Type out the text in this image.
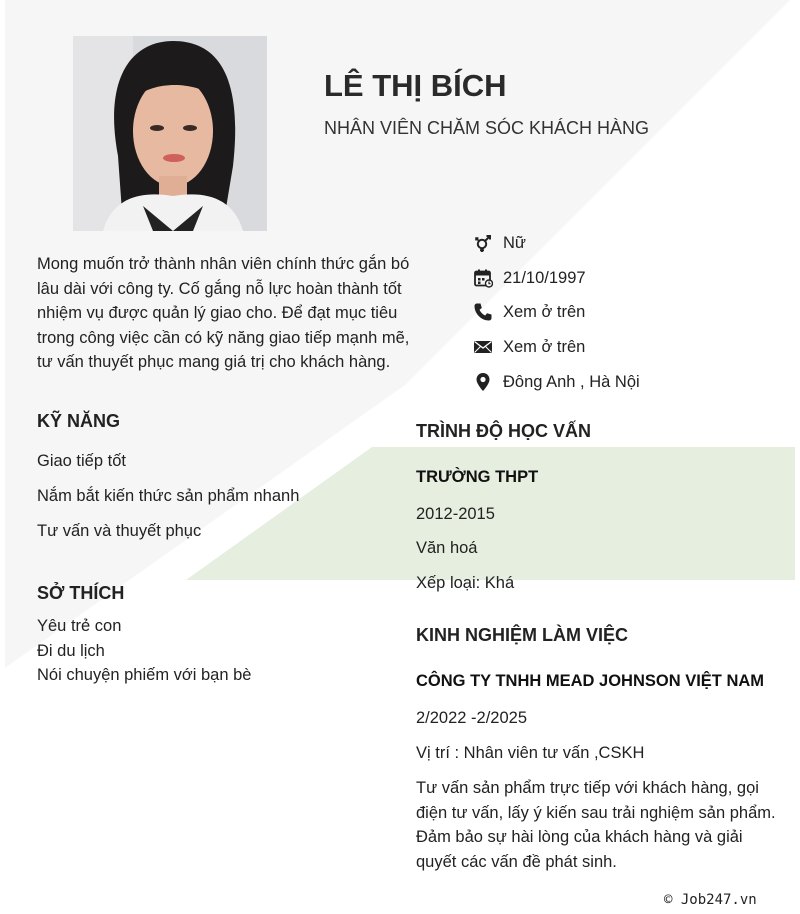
LÊ THỊ BÍCH
NHÂN VIÊN CHĂM SÓC KHÁCH HÀNG
Mong muốn trở thành nhân viên chính thức gắn bó lâu dài với công ty. Cố gắng nỗ lực hoàn thành tốt nhiệm vụ được quản lý giao cho. Để đạt mục tiêu trong công việc cần có kỹ năng giao tiếp mạnh mẽ, tư vấn thuyết phục mang giá trị cho khách hàng.
Nữ
21/10/1997
Xem ở trên
Xem ở trên
Đông Anh , Hà Nội
KỸ NĂNG
Giao tiếp tốt
Nắm bắt kiến thức sản phẩm nhanh
Tư vấn và thuyết phục
SỞ THÍCH
Yêu trẻ con
Đi du lịch
Nói chuyện phiếm với bạn bè
TRÌNH ĐỘ HỌC VẤN
TRƯỜNG THPT
2012-2015
Văn hoá
Xếp loại: Khá
KINH NGHIỆM LÀM VIỆC
CÔNG TY TNHH MEAD JOHNSON VIỆT NAM
2/2022 -2/2025
Vị trí : Nhân viên tư vấn ,CSKH
Tư vấn sản phẩm trực tiếp với khách hàng, gọi điện tư vấn, lấy ý kiến sau trải nghiệm sản phẩm. Đảm bảo sự hài lòng của khách hàng và giải quyết các vấn đề phát sinh.
© Job247.vn
